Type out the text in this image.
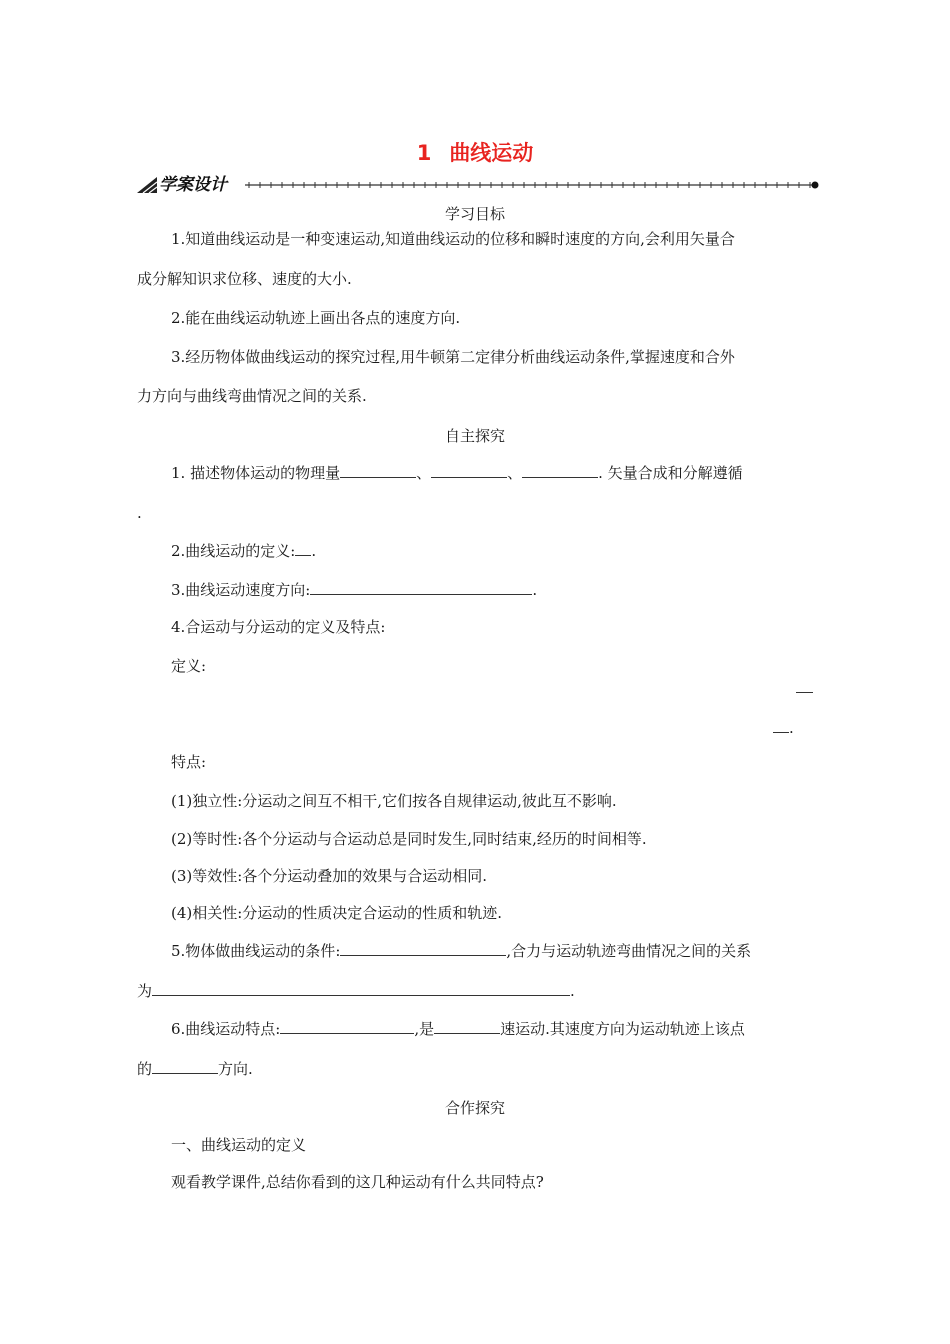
1 曲线运动
学案设计
学习目标
1.知道曲线运动是一种变速运动,知道曲线运动的位移和瞬时速度的方向,会利用矢量合
成分解知识求位移、速度的大小.
2.能在曲线运动轨迹上画出各点的速度方向.
3.经历物体做曲线运动的探究过程,用牛顿第二定律分析曲线运动条件,掌握速度和合外
力方向与曲线弯曲情况之间的关系.
自主探究
1. 描述物体运动的物理量	、	、	. 矢量合成和分解遵循
.
2.曲线运动的定义: .
3.曲线运动速度方向:	.
4.合运动与分运动的定义及特点:
定义:
.
特点:
(1)独立性:分运动之间互不相干,它们按各自规律运动,彼此互不影响.
(2)等时性:各个分运动与合运动总是同时发生,同时结束,经历的时间相等.
(3)等效性:各个分运动叠加的效果与合运动相同.
(4)相关性:分运动的性质决定合运动的性质和轨迹.
5.物体做曲线运动的条件:	,合力与运动轨迹弯曲情况之间的关系
为	.
6.曲线运动特点:	,是	速运动.其速度方向为运动轨迹上该点
的	方向.
合作探究
一、曲线运动的定义
观看教学课件,总结你看到的这几种运动有什么共同特点?
